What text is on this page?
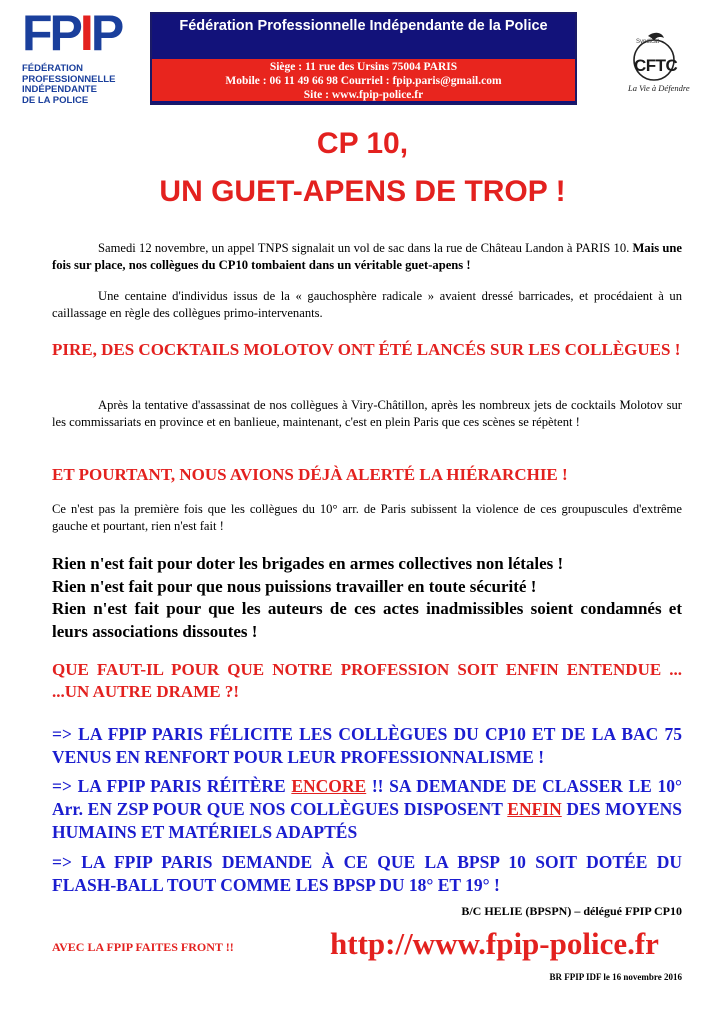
FPIP
FÉDÉRATION
PROFESSIONNELLE
INDÉPENDANTE
DE LA POLICE
Fédération Professionnelle Indépendante de la Police
Siège : 11 rue des Ursins 75004 PARIS
Mobile : 06 11 49 66 98 Courriel : fpip.paris@gmail.com
Site : www.fpip-police.fr
Syndicat
CFTC
La Vie à Défendre
CP 10,
UN GUET-APENS DE TROP !
Samedi 12 novembre, un appel TNPS signalait un vol de sac dans la rue de Château Landon à PARIS 10. Mais une fois sur place, nos collègues du CP10 tombaient dans un véritable guet-apens !
Une centaine d'individus issus de la « gauchosphère radicale » avaient dressé barricades, et procédaient à un caillassage en règle des collègues primo-intervenants.
PIRE, DES COCKTAILS MOLOTOV ONT ÉTÉ LANCÉS SUR LES COLLÈGUES !
Après la tentative d'assassinat de nos collègues à Viry-Châtillon, après les nombreux jets de cocktails Molotov sur les commissariats en province et en banlieue, maintenant, c'est en plein Paris que ces scènes se répètent !
ET POURTANT, NOUS AVIONS DÉJÀ ALERTÉ LA HIÉRARCHIE !
Ce n'est pas la première fois que les collègues du 10° arr. de Paris subissent la violence de ces groupuscules d'extrême gauche et pourtant, rien n'est fait !
Rien n'est fait pour doter les brigades en armes collectives non létales !
Rien n'est fait pour que nous puissions travailler en toute sécurité !
Rien n'est fait pour que les auteurs de ces actes inadmissibles soient condamnés et leurs associations dissoutes !
QUE FAUT-IL POUR QUE NOTRE PROFESSION SOIT ENFIN ENTENDUE ... ...UN AUTRE DRAME ?!
=> LA FPIP PARIS FÉLICITE LES COLLÈGUES DU CP10 ET DE LA BAC 75 VENUS EN RENFORT POUR LEUR PROFESSIONNALISME !
=> LA FPIP PARIS RÉITÈRE ENCORE !! SA DEMANDE DE CLASSER LE 10° Arr. EN ZSP POUR QUE NOS COLLÈGUES DISPOSENT ENFIN DES MOYENS HUMAINS ET MATÉRIELS ADAPTÉS
=> LA FPIP PARIS DEMANDE À CE QUE LA BPSP 10 SOIT DOTÉE DU FLASH-BALL TOUT COMME LES BPSP DU 18° ET 19° !
B/C HELIE (BPSPN) – délégué FPIP CP10
AVEC LA FPIP FAITES FRONT !!	http://www.fpip-police.fr
BR FPIP IDF le 16 novembre 2016
